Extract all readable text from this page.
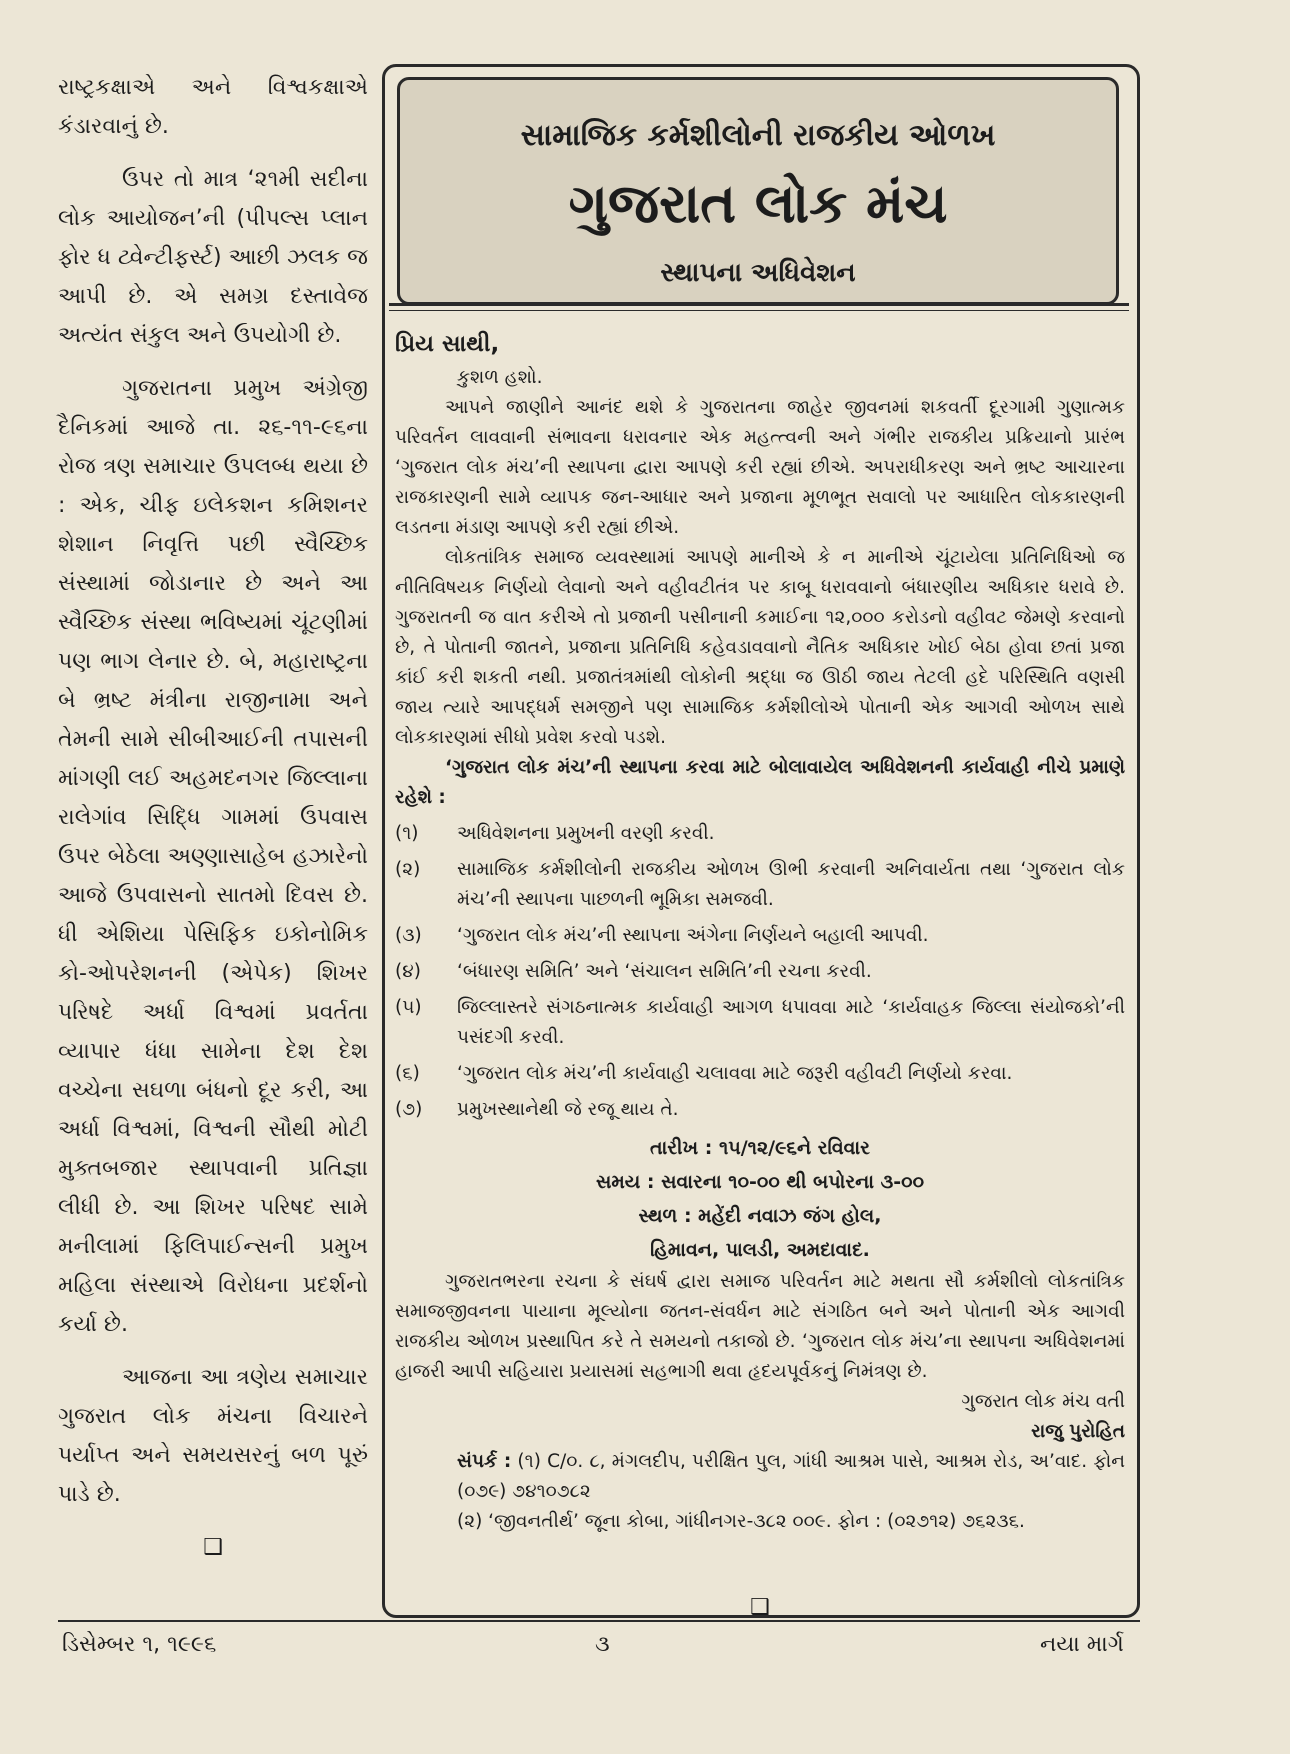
રાષ્ટ્રકક્ષાએ અને વિશ્વકક્ષાએ કંડારવાનું છે.

ઉપર તો માત્ર ‘૨૧મી સદીના લોક આયોજન’ની (પીપલ્સ પ્લાન ફોર ધ ટ્વેન્ટીફર્સ્ટ) આછી ઝલક જ આપી છે. એ સમગ્ર દસ્તાવેજ અત્યંત સંકુલ અને ઉપયોગી છે.

ગુજરાતના પ્રમુખ અંગ્રેજી દૈનિકમાં આજે તા. ૨૬-૧૧-૯૬ના રોજ ત્રણ સમાચાર ઉપલબ્ધ થયા છે : એક, ચીફ ઇલેકશન કમિશનર શેશાન નિવૃત્તિ પછી સ્વૈચ્છિક સંસ્થામાં જોડાનાર છે અને આ સ્વૈચ્છિક સંસ્થા ભવિષ્યમાં ચૂંટણીમાં પણ ભાગ લેનાર છે. બે, મહારાષ્ટ્રના બે ભ્રષ્ટ મંત્રીના રાજીનામા અને તેમની સામે સીબીઆઈની તપાસની માંગણી લઈ અહમદનગર જિલ્લાના રાલેગાંવ સિદ્ધિ ગામમાં ઉપવાસ ઉપર બેઠેલા અણ્ણાસાહેબ હઝારેનો આજે ઉપવાસનો સાતમો દિવસ છે. ધી એશિયા પેસિફિક ઇકોનોમિક કો-ઓપરેશનની (એપેક) શિખર પરિષદે અર્ધા વિશ્વમાં પ્રવર્તતા વ્યાપાર ધંધા સામેના દેશ દેશ વચ્ચેના સઘળા બંધનો દૂર કરી, આ અર્ધા વિશ્વમાં, વિશ્વની સૌથી મોટી મુક્તબજાર સ્થાપવાની પ્રતિજ્ઞા લીધી છે. આ શિખર પરિષદ સામે મનીલામાં ફિલિપાઈન્સની પ્રમુખ મહિલા સંસ્થાએ વિરોધના પ્રદર્શનો કર્યા છે.

આજના આ ત્રણેય સમાચાર ગુજરાત લોક મંચના વિચારને પર્યાપ્ત અને સમયસરનું બળ પૂરું પાડે છે.

❑
સામાજિક કર્મશીલોની રાજકીય ઓળખ
ગુજરાત લોક મંચ
સ્થાપના અધિવેશન

પ્રિય સાથી,

કુશળ હશો.

આપને જાણીને આનંદ થશે કે ગુજરાતના જાહેર જીવનમાં શકવર્તી દૂરગામી ગુણાત્મક પરિવર્તન લાવવાની સંભાવના ધરાવનાર એક મહત્ત્વની અને ગંભીર રાજકીય પ્રક્રિયાનો પ્રારંભ ‘ગુજરાત લોક મંચ’ની સ્થાપના દ્વારા આપણે કરી રહ્યાં છીએ. અપરાધીકરણ અને ભ્રષ્ટ આચારના રાજકારણની સામે વ્યાપક જન-આધાર અને પ્રજાના મૂળભૂત સવાલો પર આધારિત લોકકારણની લડતના મંડાણ આપણે કરી રહ્યાં છીએ.

લોકતાંત્રિક સમાજ વ્યવસ્થામાં આપણે માનીએ કે ન માનીએ ચૂંટાયેલા પ્રતિનિધિઓ જ નીતિવિષયક નિર્ણયો લેવાનો અને વહીવટીતંત્ર પર કાબૂ ધરાવવાનો બંધારણીય અધિકાર ધરાવે છે. ગુજરાતની જ વાત કરીએ તો પ્રજાની પસીનાની કમાઈના ૧૨,૦૦૦ કરોડનો વહીવટ જેમણે કરવાનો છે, તે પોતાની જાતને, પ્રજાના પ્રતિનિધિ કહેવડાવવાનો નૈતિક અધિકાર ખોઈ બેઠા હોવા છતાં પ્રજા કાંઈ કરી શકતી નથી. પ્રજાતંત્રમાંથી લોકોની શ્રદ્ધા જ ઊઠી જાય તેટલી હદે પરિસ્થિતિ વણસી જાય ત્યારે આપદ્ધર્મ સમજીને પણ સામાજિક કર્મશીલોએ પોતાની એક આગવી ઓળખ સાથે લોકકારણમાં સીધો પ્રવેશ કરવો પડશે.

‘ગુજરાત લોક મંચ’ની સ્થાપના કરવા માટે બોલાવાયેલ અધિવેશનની કાર્યવાહી નીચે પ્રમાણે રહેશે :

(૧)	અધિવેશનના પ્રમુખની વરણી કરવી.
(૨)	સામાજિક કર્મશીલોની રાજકીય ઓળખ ઊભી કરવાની અનિવાર્યતા તથા ‘ગુજરાત લોક મંચ’ની સ્થાપના પાછળની ભૂમિકા સમજવી.
(૩)	‘ગુજરાત લોક મંચ’ની સ્થાપના અંગેના નિર્ણયને બહાલી આપવી.
(૪)	‘બંધારણ સમિતિ’ અને ‘સંચાલન સમિતિ’ની રચના કરવી.
(૫)	જિલ્લાસ્તરે સંગઠનાત્મક કાર્યવાહી આગળ ધપાવવા માટે ‘કાર્યવાહક જિલ્લા સંયોજકો’ની પસંદગી કરવી.
(૬)	‘ગુજરાત લોક મંચ’ની કાર્યવાહી ચલાવવા માટે જરૂરી વહીવટી નિર્ણયો કરવા.
(૭)	પ્રમુખસ્થાનેથી જે રજૂ થાય તે.

તારીખ : ૧૫/૧૨/૯૬ને રવિવાર

સમય : સવારના ૧૦-૦૦ થી બપોરના ૩-૦૦

સ્થળ : મહેંદી નવાઝ જંગ હોલ,

હિમાવન, પાલડી, અમદાવાદ.

ગુજરાતભરના રચના કે સંઘર્ષ દ્વારા સમાજ પરિવર્તન માટે મથતા સૌ કર્મશીલો લોકતાંત્રિક સમાજજીવનના પાયાના મૂલ્યોના જતન-સંવર્ધન માટે સંગઠિત બને અને પોતાની એક આગવી રાજકીય ઓળખ પ્રસ્થાપિત કરે તે સમયનો તકાજો છે. ‘ગુજરાત લોક મંચ’ના સ્થાપના અધિવેશનમાં હાજરી આપી સહિયારા પ્રયાસમાં સહભાગી થવા હૃદયપૂર્વકનું નિમંત્રણ છે.

ગુજરાત લોક મંચ વતી

રાજુ પુરોહિત

સંપર્ક : (૧) C/૦. ૮, મંગલદીપ, પરીક્ષિત પુલ, ગાંધી આશ્રમ પાસે, આશ્રમ રોડ, અ’વાદ. ફોન (૦૭૯) ૭૪૧૦૭૮૨

(૨) ‘જીવનતીર્થ’ જૂના કોબા, ગાંધીનગર-૩૮૨ ૦૦૯. ફોન : (૦૨૭૧૨) ૭૬૨૩૬.

❑
ડિસેમ્બર ૧, ૧૯૯૬	૩	નયા માર્ગ
